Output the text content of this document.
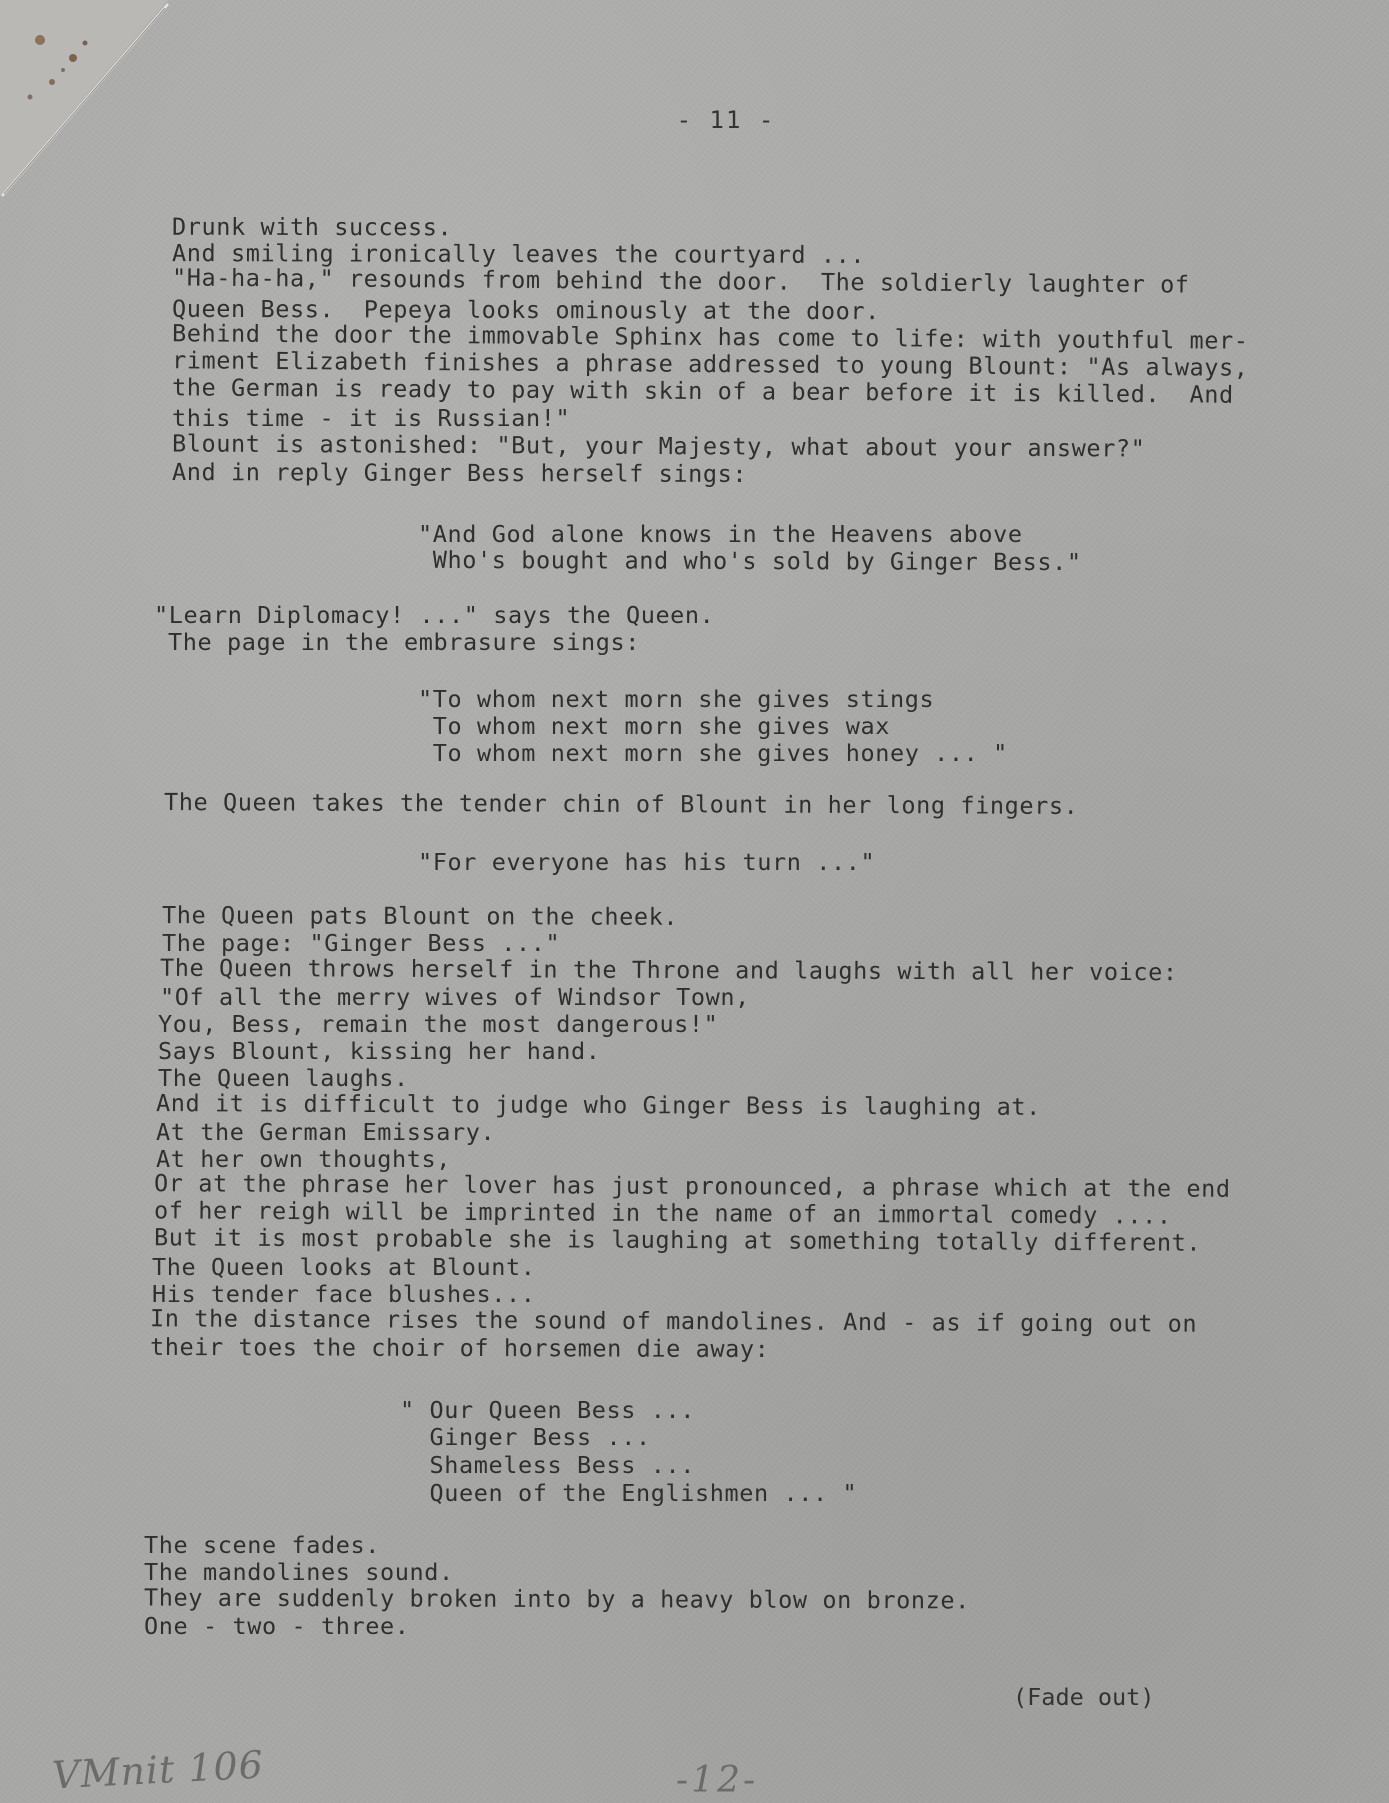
- 11 -

Drunk with success.

And smiling ironically leaves the courtyard ...

"Ha-ha-ha," resounds from behind the door.  The soldierly laughter of

Queen Bess.  Pepeya looks ominously at the door.

Behind the door the immovable Sphinx has come to life: with youthful mer-

riment Elizabeth finishes a phrase addressed to young Blount: "As always,

the German is ready to pay with skin of a bear before it is killed.  And

this time - it is Russian!"

Blount is astonished: "But, your Majesty, what about your answer?"

And in reply Ginger Bess herself sings:

"And God alone knows in the Heavens above

Who's bought and who's sold by Ginger Bess."

"Learn Diplomacy! ..." says the Queen.

The page in the embrasure sings:

"To whom next morn she gives stings

To whom next morn she gives wax

To whom next morn she gives honey ... "

The Queen takes the tender chin of Blount in her long fingers.

"For everyone has his turn ..."

The Queen pats Blount on the cheek.

The page: "Ginger Bess ..."

The Queen throws herself in the Throne and laughs with all her voice:

"Of all the merry wives of Windsor Town,

You, Bess, remain the most dangerous!"

Says Blount, kissing her hand.

The Queen laughs.

And it is difficult to judge who Ginger Bess is laughing at.

At the German Emissary.

At her own thoughts,

Or at the phrase her lover has just pronounced, a phrase which at the end

of her reigh will be imprinted in the name of an immortal comedy ....

But it is most probable she is laughing at something totally different.

The Queen looks at Blount.

His tender face blushes...

In the distance rises the sound of mandolines. And - as if going out on

their toes the choir of horsemen die away:

" Our Queen Bess ...

Ginger Bess ...

Shameless Bess ...

Queen of the Englishmen ... "

The scene fades.

The mandolines sound.

They are suddenly broken into by a heavy blow on bronze.

One - two - three.

(Fade out)
VMnit 106	-12-
